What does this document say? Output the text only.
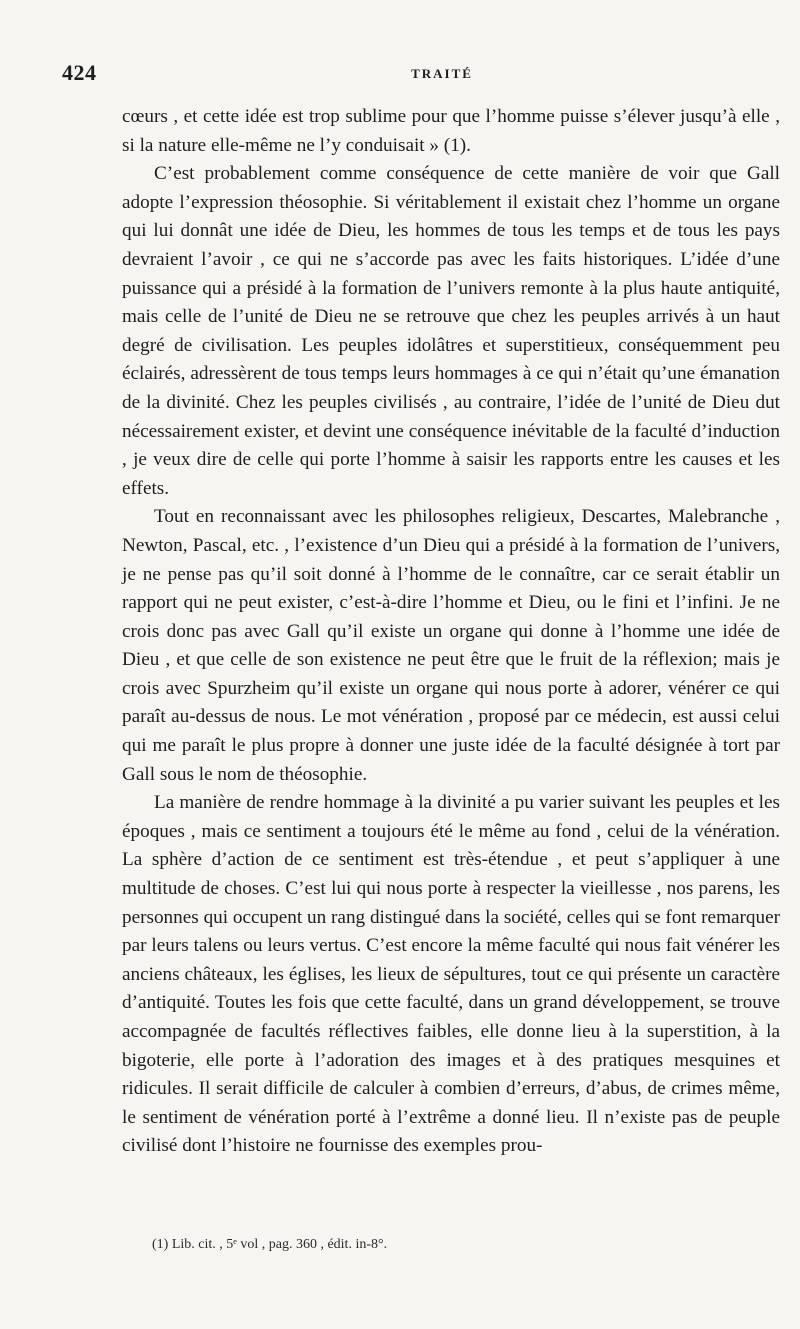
424	TRAITÉ

cœurs , et cette idée est trop sublime pour que l’homme puisse s’élever jusqu’à elle , si la nature elle-même ne l’y conduisait » (1).

C’est probablement comme conséquence de cette manière de voir que Gall adopte l’expression théosophie. Si véritablement il existait chez l’homme un organe qui lui donnât une idée de Dieu, les hommes de tous les temps et de tous les pays devraient l’avoir , ce qui ne s’accorde pas avec les faits historiques. L’idée d’une puissance qui a présidé à la formation de l’univers remonte à la plus haute antiquité, mais celle de l’unité de Dieu ne se retrouve que chez les peuples arrivés à un haut degré de civilisation. Les peuples idolâtres et superstitieux, conséquemment peu éclairés, adressèrent de tous temps leurs hommages à ce qui n’était qu’une émanation de la divinité. Chez les peuples civilisés , au contraire, l’idée de l’unité de Dieu dut nécessairement exister, et devint une conséquence inévitable de la faculté d’induction , je veux dire de celle qui porte l’homme à saisir les rapports entre les causes et les effets.

Tout en reconnaissant avec les philosophes religieux, Descartes, Malebranche , Newton, Pascal, etc. , l’existence d’un Dieu qui a présidé à la formation de l’univers, je ne pense pas qu’il soit donné à l’homme de le connaître, car ce serait établir un rapport qui ne peut exister, c’est-à-dire l’homme et Dieu, ou le fini et l’infini. Je ne crois donc pas avec Gall qu’il existe un organe qui donne à l’homme une idée de Dieu , et que celle de son existence ne peut être que le fruit de la réflexion; mais je crois avec Spurzheim qu’il existe un organe qui nous porte à adorer, vénérer ce qui paraît au-dessus de nous. Le mot vénération , proposé par ce médecin, est aussi celui qui me paraît le plus propre à donner une juste idée de la faculté désignée à tort par Gall sous le nom de théosophie.

La manière de rendre hommage à la divinité a pu varier suivant les peuples et les époques , mais ce sentiment a toujours été le même au fond , celui de la vénération. La sphère d’action de ce sentiment est très-étendue , et peut s’appliquer à une multitude de choses. C’est lui qui nous porte à respecter la vieillesse , nos parens, les personnes qui occupent un rang distingué dans la société, celles qui se font remarquer par leurs talens ou leurs vertus. C’est encore la même faculté qui nous fait vénérer les anciens châteaux, les églises, les lieux de sépultures, tout ce qui présente un caractère d’antiquité. Toutes les fois que cette faculté, dans un grand développement, se trouve accompagnée de facultés réflectives faibles, elle donne lieu à la superstition, à la bigoterie, elle porte à l’adoration des images et à des pratiques mesquines et ridicules. Il serait difficile de calculer à combien d’erreurs, d’abus, de crimes même, le sentiment de vénération porté à l’extrême a donné lieu. Il n’existe pas de peuple civilisé dont l’histoire ne fournisse des exemples prou-

(1) Lib. cit. , 5ᵉ vol , pag. 360 , édit. in-8°.
